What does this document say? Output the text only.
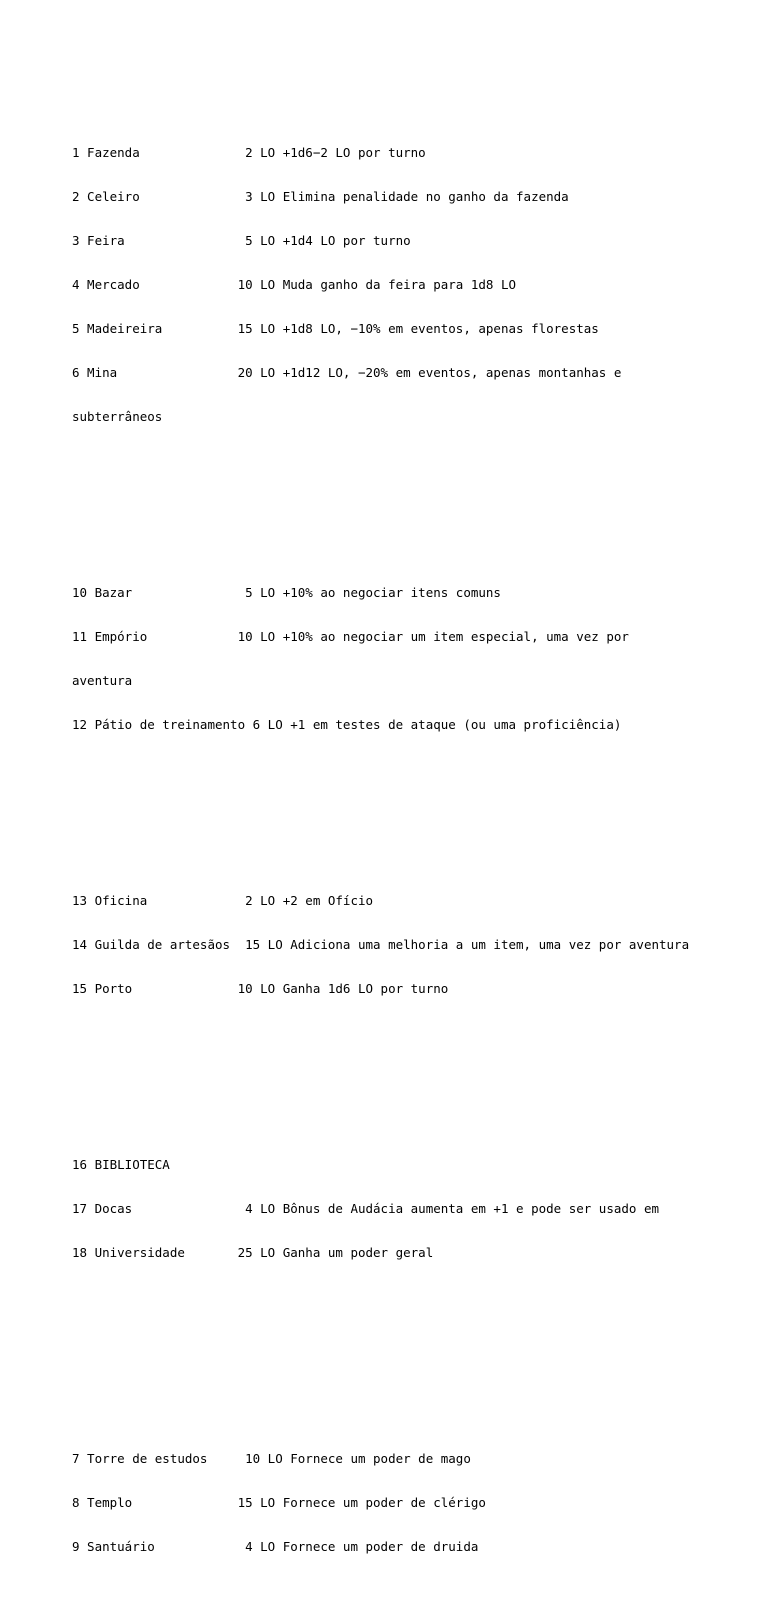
1 Fazenda              2 LO +1d6−2 LO por turno

2 Celeiro              3 LO Elimina penalidade no ganho da fazenda

3 Feira                5 LO +1d4 LO por turno

4 Mercado             10 LO Muda ganho da feira para 1d8 LO

5 Madeireira          15 LO +1d8 LO, −10% em eventos, apenas florestas

6 Mina                20 LO +1d12 LO, −20% em eventos, apenas montanhas e

subterrâneos

10 Bazar               5 LO +10% ao negociar itens comuns

11 Empório            10 LO +10% ao negociar um item especial, uma vez por

aventura

12 Pátio de treinamento 6 LO +1 em testes de ataque (ou uma proficiência)

13 Oficina             2 LO +2 em Ofício

14 Guilda de artesãos  15 LO Adiciona uma melhoria a um item, uma vez por aventura

15 Porto              10 LO Ganha 1d6 LO por turno

16 BIBLIOTECA

17 Docas               4 LO Bônus de Audácia aumenta em +1 e pode ser usado em

18 Universidade       25 LO Ganha um poder geral

7 Torre de estudos     10 LO Fornece um poder de mago

8 Templo              15 LO Fornece um poder de clérigo

9 Santuário            4 LO Fornece um poder de druida
